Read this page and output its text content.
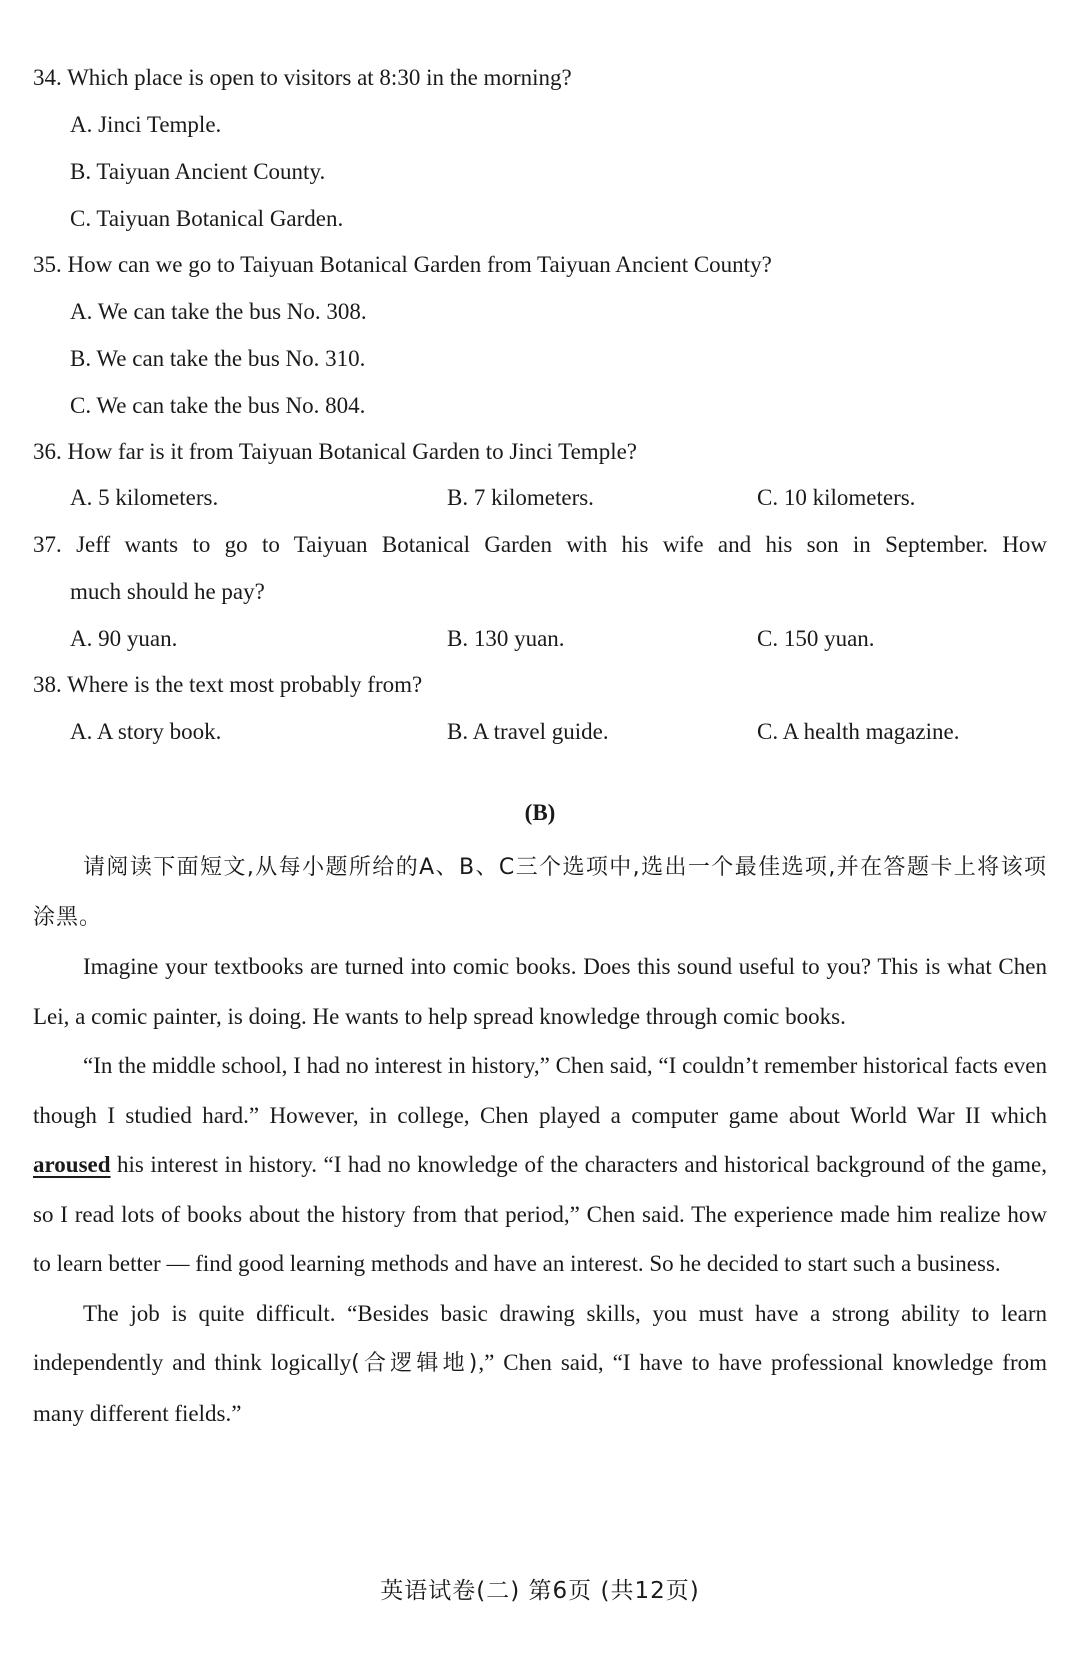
34. Which place is open to visitors at 8:30 in the morning?
A. Jinci Temple.
B. Taiyuan Ancient County.
C. Taiyuan Botanical Garden.
35. How can we go to Taiyuan Botanical Garden from Taiyuan Ancient County?
A. We can take the bus No. 308.
B. We can take the bus No. 310.
C. We can take the bus No. 804.
36. How far is it from Taiyuan Botanical Garden to Jinci Temple?
A. 5 kilometers.	B. 7 kilometers.	C. 10 kilometers.
37. Jeff wants to go to Taiyuan Botanical Garden with his wife and his son in September. How
much should he pay?
A. 90 yuan.	B. 130 yuan.	C. 150 yuan.
38. Where is the text most probably from?
A. A story book.	B. A travel guide.	C. A health magazine.
(B)

请阅读下面短文,从每小题所给的A、B、C三个选项中,选出一个最佳选项,并在答题卡上将该项涂黑。

Imagine your textbooks are turned into comic books. Does this sound useful to you? This is what Chen Lei, a comic painter, is doing. He wants to help spread knowledge through comic books.

“In the middle school, I had no interest in history,” Chen said, “I couldn’t remember historical facts even though I studied hard.” However, in college, Chen played a computer game about World War II which aroused his interest in history. “I had no knowledge of the characters and historical background of the game, so I read lots of books about the history from that period,” Chen said. The experience made him realize how to learn better — find good learning methods and have an interest. So he decided to start such a business.

The job is quite difficult. “Besides basic drawing skills, you must have a strong ability to learn independently and think logically(合逻辑地),” Chen said, “I have to have professional knowledge from many different fields.”

英语试卷(二) 第6页 (共12页)
